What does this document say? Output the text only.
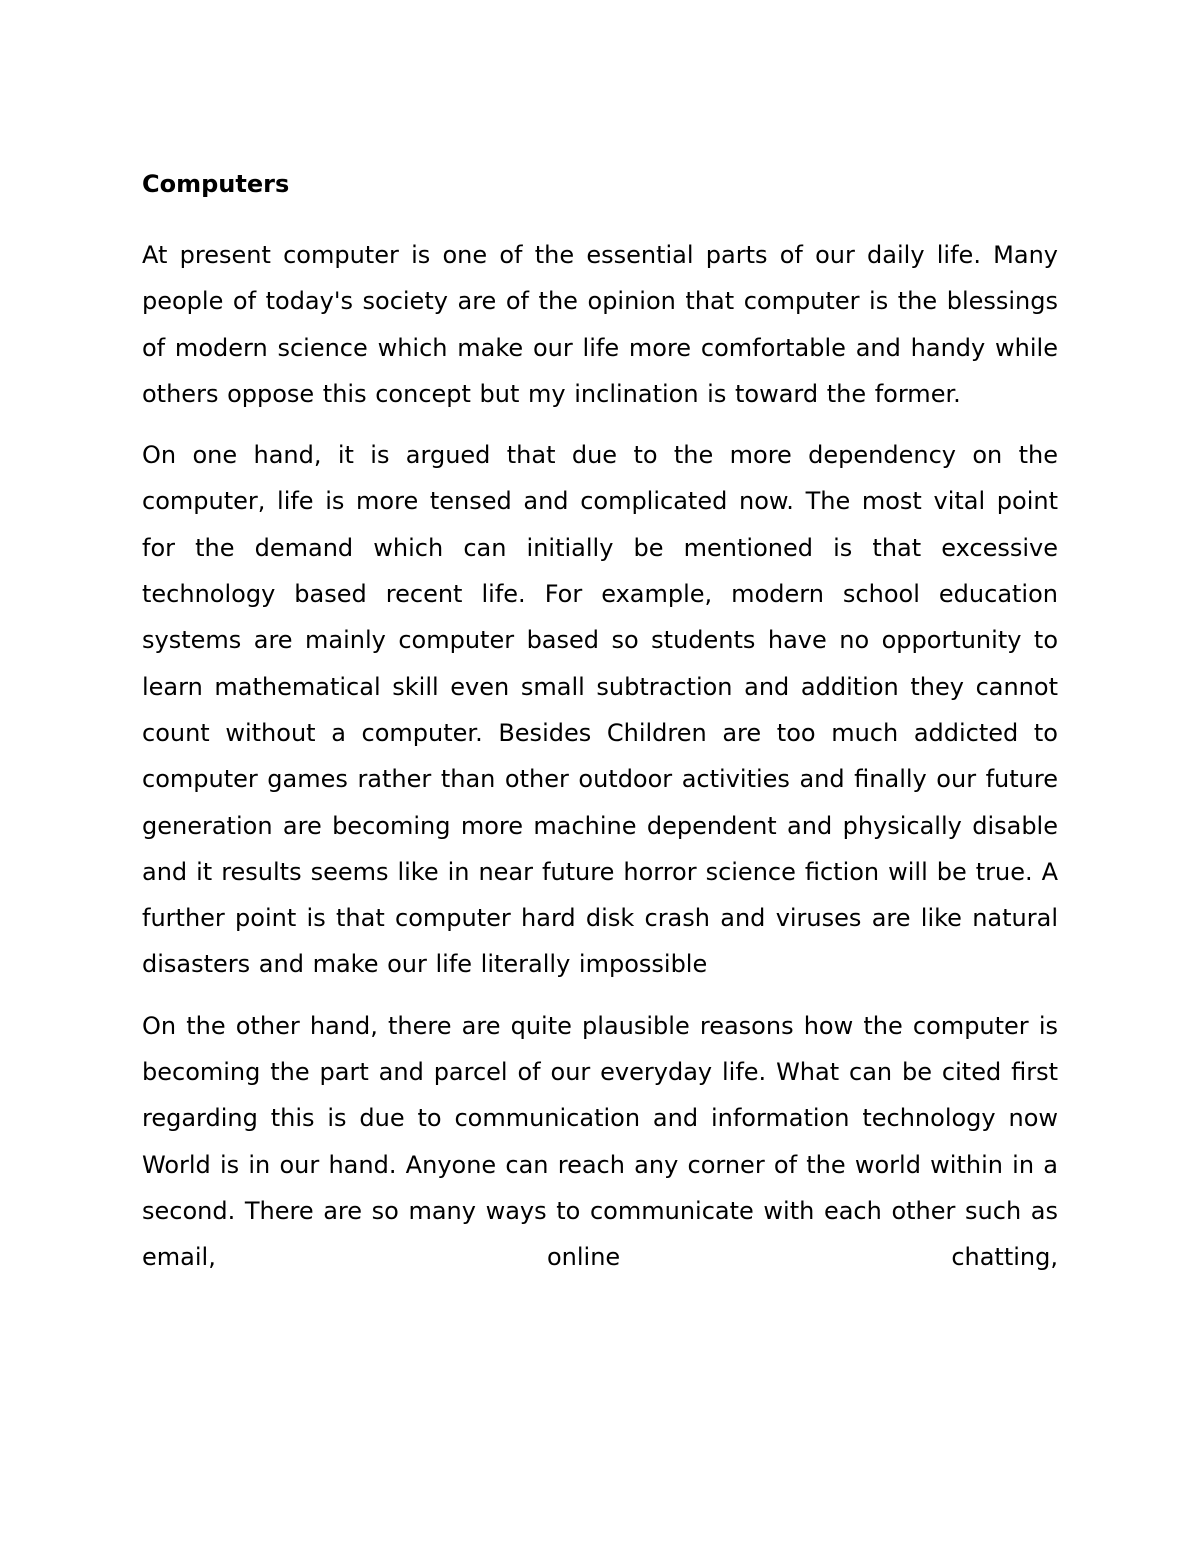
Computers

At present computer is one of the essential parts of our daily life. Many people of today's society are of the opinion that computer is the blessings of modern science which make our life more comfortable and handy while others oppose this concept but my inclination is toward the former.

On one hand, it is argued that due to the more dependency on the computer, life is more tensed and complicated now. The most vital point for the demand which can initially be mentioned is that excessive technology based recent life. For example, modern school education systems are mainly computer based so students have no opportunity to learn mathematical skill even small subtraction and addition they cannot count without a computer. Besides Children are too much addicted to computer games rather than other outdoor activities and finally our future generation are becoming more machine dependent and physically disable and it results seems like in near future horror science fiction will be true. A further point is that computer hard disk crash and viruses are like natural disasters and make our life literally impossible

On the other hand, there are quite plausible reasons how the computer is becoming the part and parcel of our everyday life. What can be cited first regarding this is due to communication and information technology now World is in our hand. Anyone can reach any corner of the world within in a second. There are so many ways to communicate with each other such as email, online chatting,
